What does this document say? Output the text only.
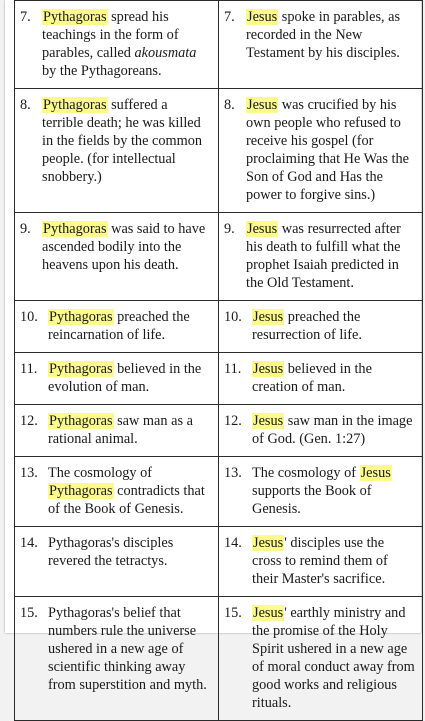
7. Pythagoras spread his teachings in the form of parables, called akousmata by the Pythagoreans.	7. Jesus spoke in parables, as recorded in the New Testament by his disciples.

8. Pythagoras suffered a terrible death; he was killed in the fields by the common people. (for intellectual snobbery.)	8. Jesus was crucified by his own people who refused to receive his gospel (for proclaiming that He Was the Son of God and Has the power to forgive sins.)

9. Pythagoras was said to have ascended bodily into the heavens upon his death.	9. Jesus was resurrected after his death to fulfill what the prophet Isaiah predicted in the Old Testament.

10. Pythagoras preached the reincarnation of life.	10. Jesus preached the resurrection of life.

11. Pythagoras believed in the evolution of man.	11. Jesus believed in the creation of man.

12. Pythagoras saw man as a rational animal.	12. Jesus saw man in the image of God. (Gen. 1:27)

13. The cosmology of Pythagoras contradicts that of the Book of Genesis.	13. The cosmology of Jesus supports the Book of Genesis.

14. Pythagoras's disciples revered the tetractys.	14. Jesus' disciples use the cross to remind them of their Master's sacrifice.

15. Pythagoras's belief that numbers rule the universe ushered in a new age of scientific thinking away from superstition and myth.	15. Jesus' earthly ministry and the promise of the Holy Spirit ushered in a new age of moral conduct away from good works and religious rituals.
